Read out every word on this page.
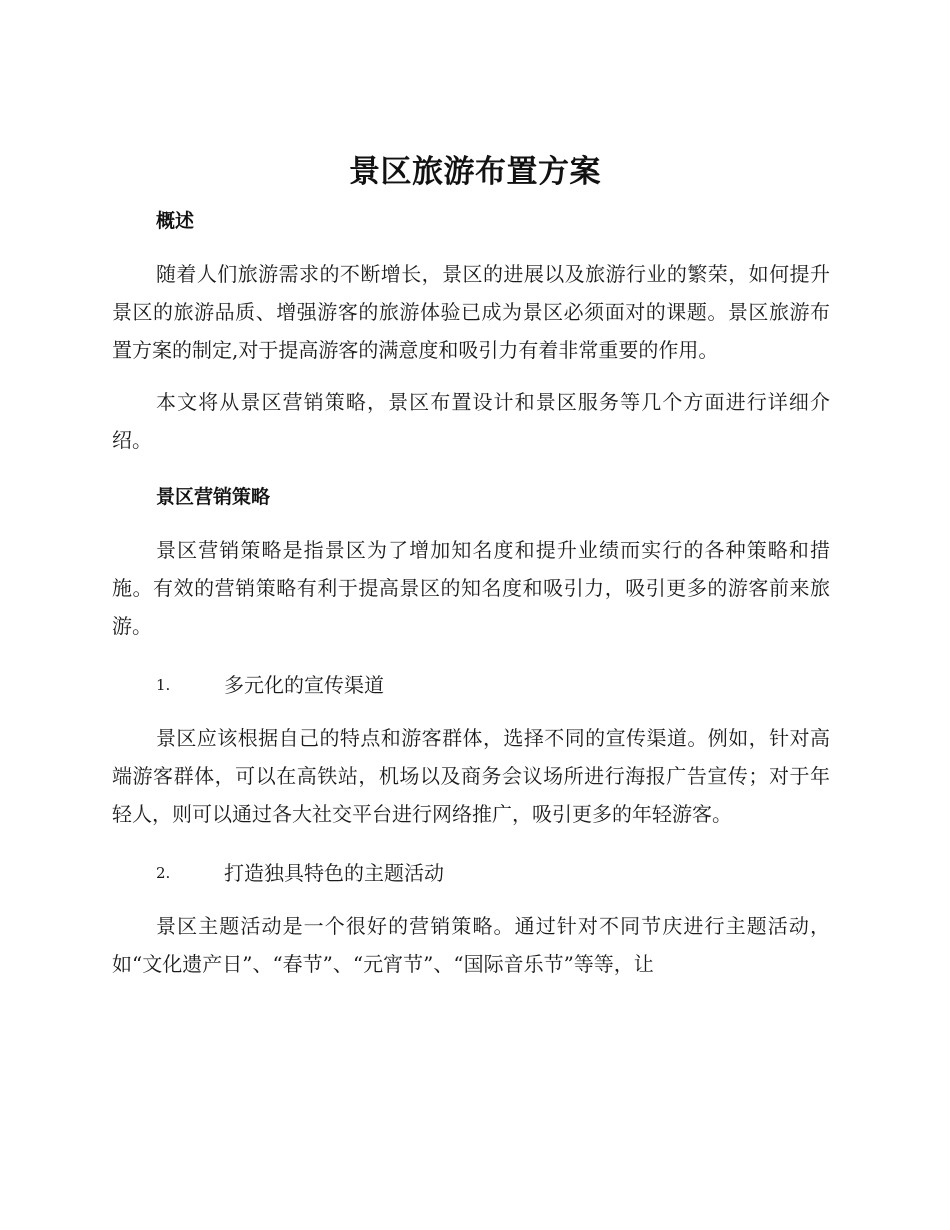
景区旅游布置方案
概述

随着人们旅游需求的不断增长，景区的进展以及旅游行业的繁荣，如何提升景区的旅游品质、增强游客的旅游体验已成为景区必须面对的课题。景区旅游布置方案的制定,对于提高游客的满意度和吸引力有着非常重要的作用。

本文将从景区营销策略，景区布置设计和景区服务等几个方面进行详细介绍。

景区营销策略

景区营销策略是指景区为了增加知名度和提升业绩而实行的各种策略和措施。有效的营销策略有利于提高景区的知名度和吸引力，吸引更多的游客前来旅游。

1.	多元化的宣传渠道

景区应该根据自己的特点和游客群体，选择不同的宣传渠道。例如，针对高端游客群体，可以在高铁站，机场以及商务会议场所进行海报广告宣传；对于年轻人，则可以通过各大社交平台进行网络推广，吸引更多的年轻游客。

2.	打造独具特色的主题活动

景区主题活动是一个很好的营销策略。通过针对不同节庆进行主题活动，如“文化遗产日”、“春节”、“元宵节”、“国际音乐节”等等，让
